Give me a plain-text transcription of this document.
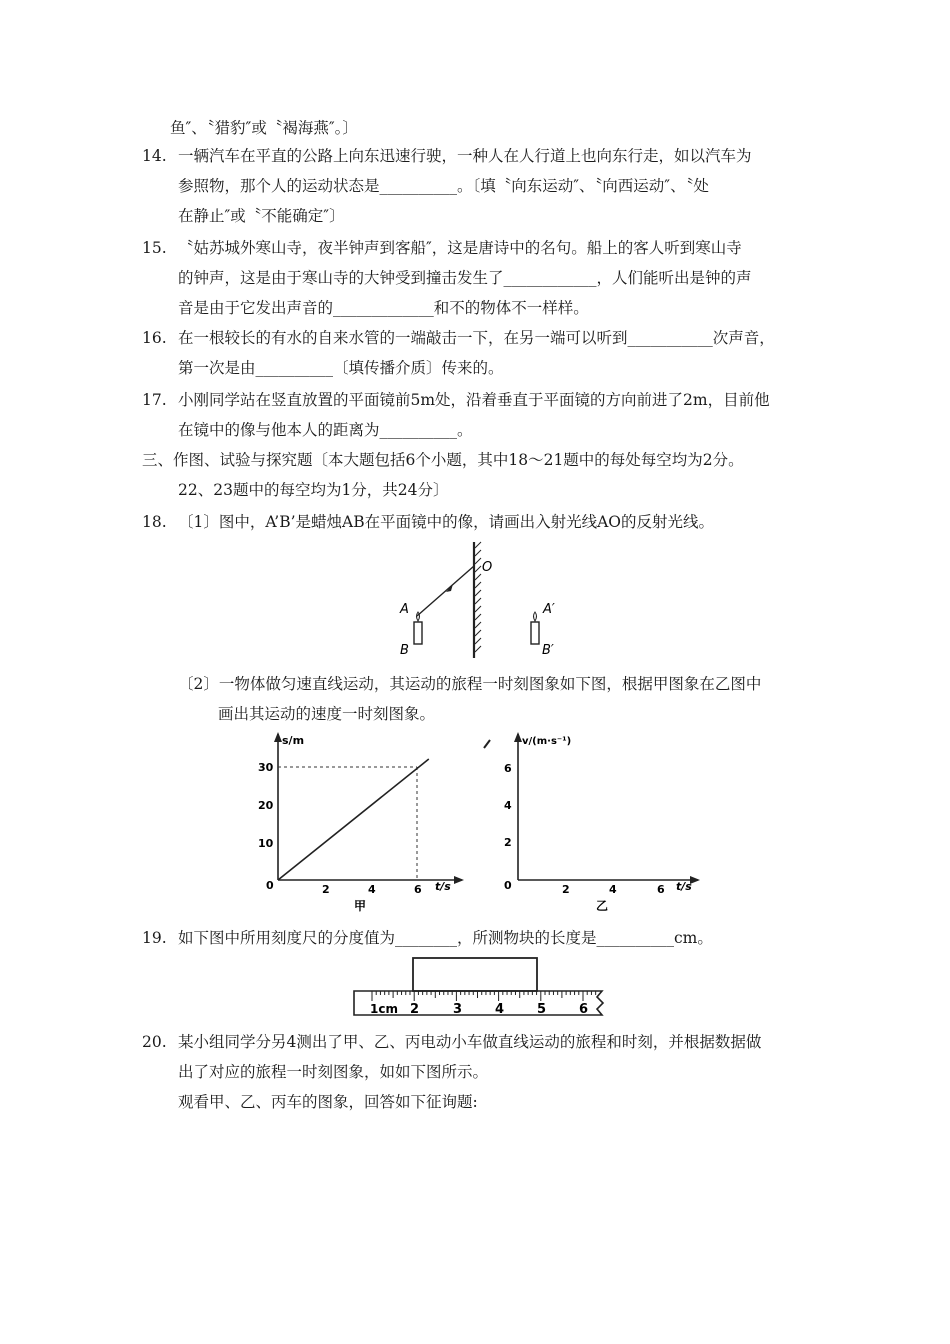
鱼″、〝猎豹″或〝褐海燕″。〕
14. 一辆汽车在平直的公路上向东迅速行驶，一种人在人行道上也向东行走，如以汽车为
参照物，那个人的运动状态是__________。〔填〝向东运动″、〝向西运动″、〝处
在静止″或〝不能确定″〕
15. 〝姑苏城外寒山寺，夜半钟声到客船″，这是唐诗中的名句。船上的客人听到寒山寺
的钟声，这是由于寒山寺的大钟受到撞击发生了____________，人们能听出是钟的声
音是由于它发出声音的_____________和不的物体不一样样。
16. 在一根较长的有水的自来水管的一端敲击一下，在另一端可以听到___________次声音，
第一次是由__________〔填传播介质〕传来的。
17. 小刚同学站在竖直放置的平面镜前5m处，沿着垂直于平面镜的方向前进了2m，目前他
在镜中的像与他本人的距离为__________。
三、作图、试验与探究题〔本大题包括6个小题，其中18～21题中的每处每空均为2分。
22、23题中的每空均为1分，共24分〕
18. 〔1〕图中，A’B’是蜡烛AB在平面镜中的像，请画出入射光线AO的反射光线。
O
A
B
A′
B′
〔2〕一物体做匀速直线运动，其运动的旅程一时刻图象如下图，根据甲图象在乙图中
画出其运动的速度一时刻图象。
s/m
t/s
0	2	4	6
10
20
30
甲
v/(m·s⁻¹)
t/s
0	2	4	6
2
4
6
乙
19. 如下图中所用刻度尺的分度值为________，所测物块的长度是__________cm。
1cm 2	3	4	5	6
20. 某小组同学分另4测出了甲、乙、丙电动小车做直线运动的旅程和时刻，并根据数据做
出了对应的旅程一时刻图象，如如下图所示。
观看甲、乙、丙车的图象，回答如下征询题:
